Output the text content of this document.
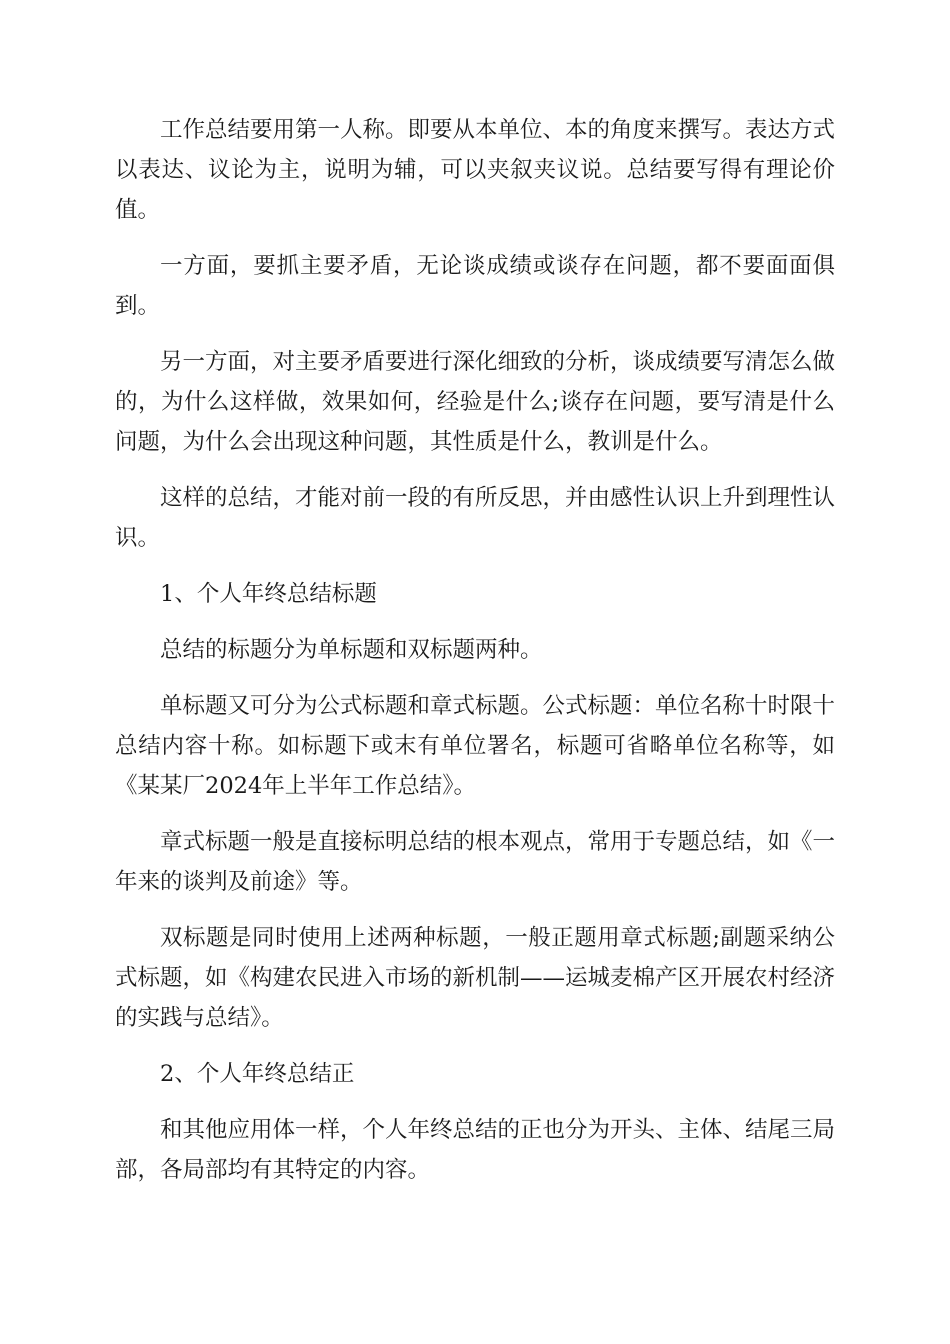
工作总结要用第一人称。即要从本单位、本的角度来撰写。表达方式以表达、议论为主，说明为辅，可以夹叙夹议说。总结要写得有理论价值。

一方面，要抓主要矛盾，无论谈成绩或谈存在问题，都不要面面俱到。

另一方面，对主要矛盾要进行深化细致的分析，谈成绩要写清怎么做的，为什么这样做，效果如何，经验是什么;谈存在问题，要写清是什么问题，为什么会出现这种问题，其性质是什么，教训是什么。

这样的总结，才能对前一段的有所反思，并由感性认识上升到理性认识。

1、个人年终总结标题

总结的标题分为单标题和双标题两种。

单标题又可分为公式标题和章式标题。公式标题：单位名称十时限十总结内容十称。如标题下或末有单位署名，标题可省略单位名称等，如《某某厂2024年上半年工作总结》。

章式标题一般是直接标明总结的根本观点，常用于专题总结，如《一年来的谈判及前途》等。

双标题是同时使用上述两种标题，一般正题用章式标题;副题采纳公式标题，如《构建农民进入市场的新机制——运城麦棉产区开展农村经济的实践与总结》。

2、个人年终总结正

和其他应用体一样，个人年终总结的正也分为开头、主体、结尾三局部，各局部均有其特定的内容。
